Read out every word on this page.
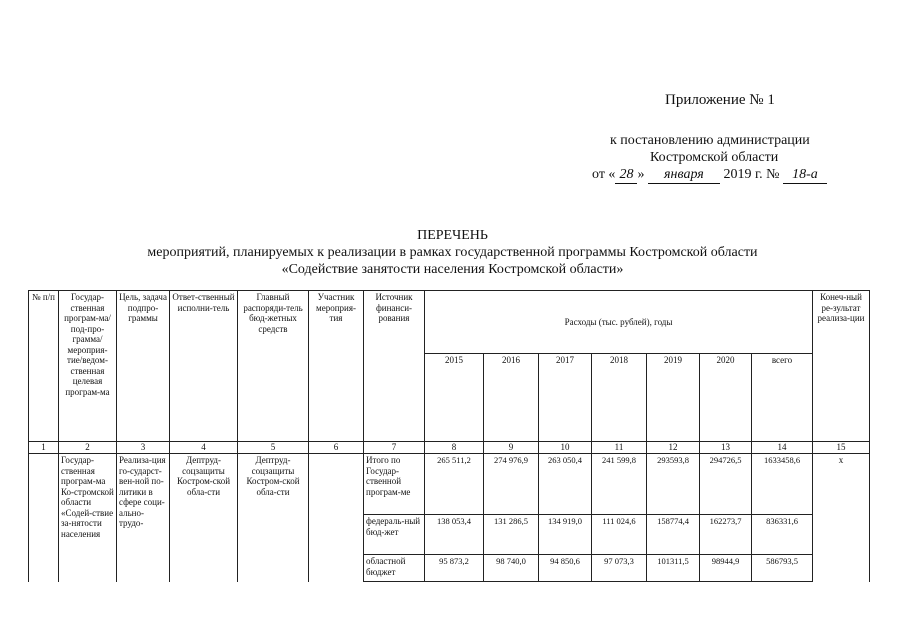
Приложение № 1
к постановлению администрации
Костромской области
от « 28 » января 2019 г. № 18-а
ПЕРЕЧЕНЬ
мероприятий, планируемых к реализации в рамках государственной программы Костромской области
«Содействие занятости населения Костромской области»
№ п/п	Государ-ственная програм-ма/под-про-грамма/ мероприя-тие/ведом-ственная целевая програм-ма	Цель, задача подпро-граммы	Ответ-ственный исполни-тель	Главный распоряди-тель бюд-жетных средств	Участник мероприя-тия	Источник финанси-рования	Расходы (тыс. рублей), годы							Конеч-ный ре-зультат реализа-ции
							2015	2016	2017	2018	2019	2020	всего	
1	2	3	4	5	6	7	8	9	10	11	12	13	14	15
	Государ-ственная програм-ма Ко-стромской области «Содей-ствие за-нятости населения	Реализа-ция го-сударст-вен-ной по-литики в сфере соци-ально-трудо-	Дептруд-соцзащиты Костром-ской обла-сти	Дептруд-соцзащиты Костром-ской обла-сти		Итого по Государ-ственной програм-ме	265 511,2	274 976,9	263 050,4	241 599,8	293593,8	294726,5	1633458,6	х
						федераль-ный бюд-жет	138 053,4	131 286,5	134 919,0	111 024,6	158774,4	162273,7	836331,6	
						областной бюджет	95 873,2	98 740,0	94 850,6	97 073,3	101311,5	98944,9	586793,5	
